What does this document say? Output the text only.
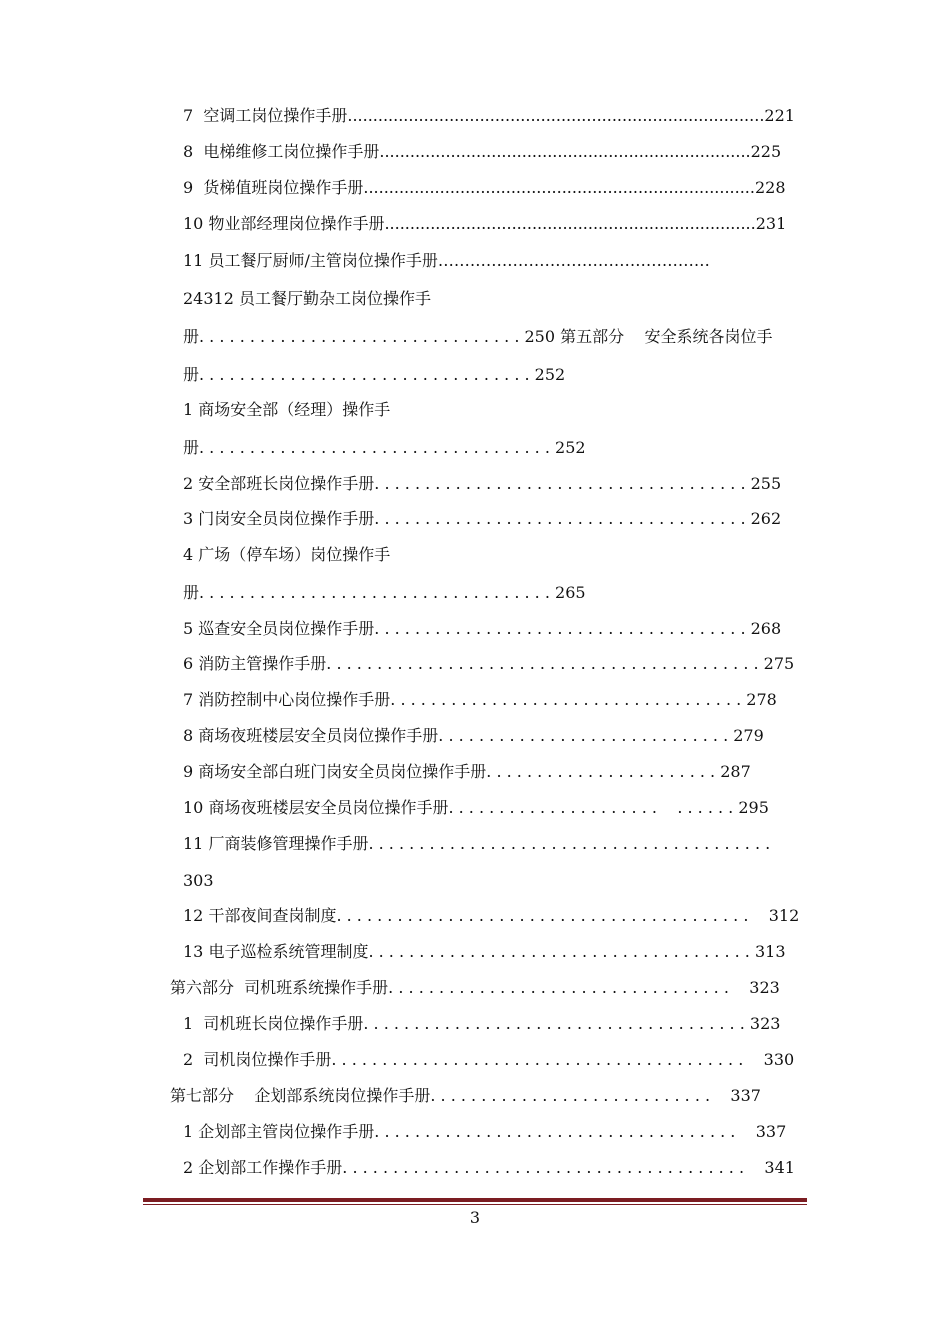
7  空调工岗位操作手册..................................................................................221
8  电梯维修工岗位操作手册.........................................................................225
9  货梯值班岗位操作手册.............................................................................228
10 物业部经理岗位操作手册.........................................................................231
11 员工餐厅厨师/主管岗位操作手册……………………………………………
24312 员工餐厅勤杂工岗位操作手
册. . . . . . . . . . . . . . . . . . . . . . . . . . . . . . . . 250 第五部分    安全系统各岗位手
册. . . . . . . . . . . . . . . . . . . . . . . . . . . . . . . . . 252
1 商场安全部（经理）操作手
册. . . . . . . . . . . . . . . . . . . . . . . . . . . . . . . . . . . 252
2 安全部班长岗位操作手册. . . . . . . . . . . . . . . . . . . . . . . . . . . . . . . . . . . . . 255
3 门岗安全员岗位操作手册. . . . . . . . . . . . . . . . . . . . . . . . . . . . . . . . . . . . . 262
4 广场（停车场）岗位操作手
册. . . . . . . . . . . . . . . . . . . . . . . . . . . . . . . . . . . 265
5 巡查安全员岗位操作手册. . . . . . . . . . . . . . . . . . . . . . . . . . . . . . . . . . . . . 268
6 消防主管操作手册. . . . . . . . . . . . . . . . . . . . . . . . . . . . . . . . . . . . . . . . . . . 275
7 消防控制中心岗位操作手册. . . . . . . . . . . . . . . . . . . . . . . . . . . . . . . . . . . 278
8 商场夜班楼层安全员岗位操作手册. . . . . . . . . . . . . . . . . . . . . . . . . . . . . 279
9 商场安全部白班门岗安全员岗位操作手册. . . . . . . . . . . . . . . . . . . . . . . 287
10 商场夜班楼层安全员岗位操作手册. . . . . . . . . . . . . . . . . . . . .    . . . . . . 295
11 厂商装修管理操作手册. . . . . . . . . . . . . . . . . . . . . . . . . . . . . . . . . . . . . . . .
303
12 干部夜间查岗制度. . . . . . . . . . . . . . . . . . . . . . . . . . . . . . . . . . . . . . . . .    312
13 电子巡检系统管理制度. . . . . . . . . . . . . . . . . . . . . . . . . . . . . . . . . . . . . . 313
第六部分  司机班系统操作手册. . . . . . . . . . . . . . . . . . . . . . . . . . . . . . . . . .    323
1  司机班长岗位操作手册. . . . . . . . . . . . . . . . . . . . . . . . . . . . . . . . . . . . . . 323
2  司机岗位操作手册. . . . . . . . . . . . . . . . . . . . . . . . . . . . . . . . . . . . . . . . .    330
第七部分    企划部系统岗位操作手册. . . . . . . . . . . . . . . . . . . . . . . . . . . .    337
1 企划部主管岗位操作手册. . . . . . . . . . . . . . . . . . . . . . . . . . . . . . . . . . . .    337
2 企划部工作操作手册. . . . . . . . . . . . . . . . . . . . . . . . . . . . . . . . . . . . . . . .    341
3
